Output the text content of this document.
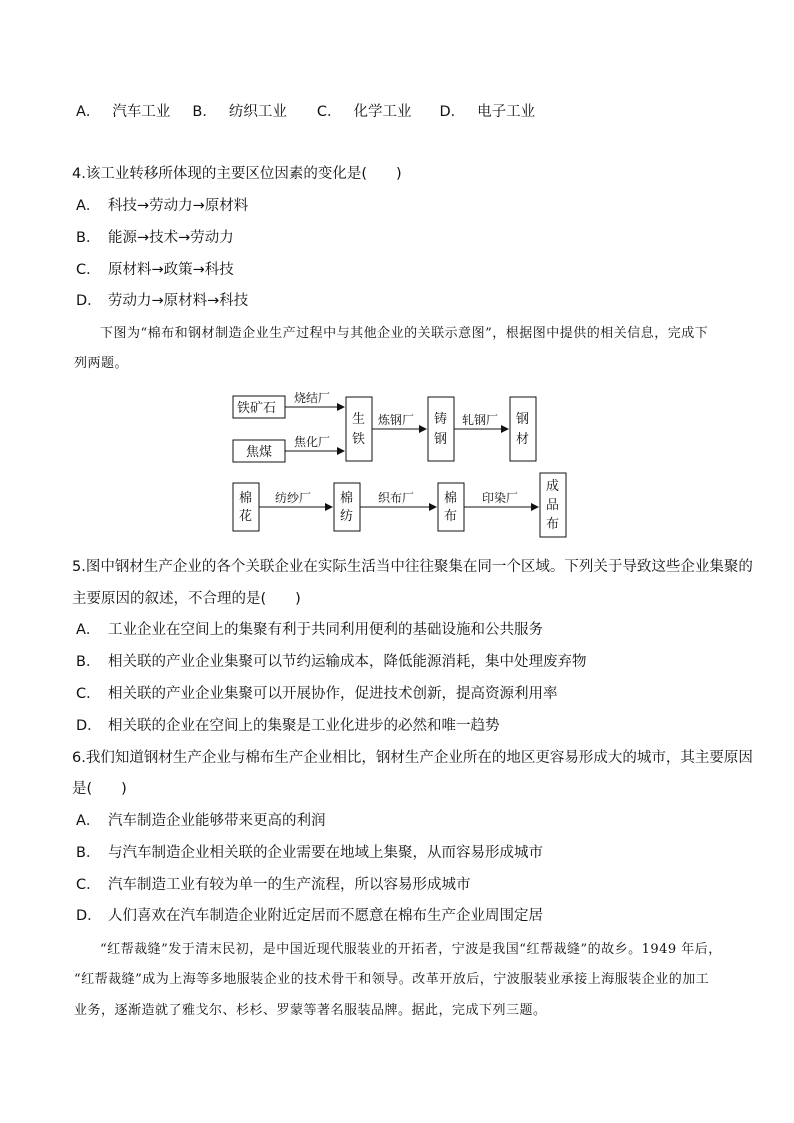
A． 汽车工业 B． 纺织工业 C． 化学工业 D． 电子工业
4.该工业转移所体现的主要区位因素的变化是(　　)
A． 科技→劳动力→原材料
B． 能源→技术→劳动力
C． 原材料→政策→科技
D． 劳动力→原材料→科技
下图为“棉布和钢材制造企业生产过程中与其他企业的关联示意图”，根据图中提供的相关信息，完成下
列两题。
铁矿石
焦煤
烧结厂
焦化厂
生
铁
炼钢厂 铸
钢
轧钢厂 钢
材
棉
花
纺纱厂 棉
纺
织布厂 棉
布
印染厂
成
品
布
5.图中钢材生产企业的各个关联企业在实际生活当中往往聚集在同一个区域。下列关于导致这些企业集聚的
主要原因的叙述，不合理的是(　　)
A． 工业企业在空间上的集聚有利于共同利用便利的基础设施和公共服务
B． 相关联的产业企业集聚可以节约运输成本，降低能源消耗，集中处理废弃物
C． 相关联的产业企业集聚可以开展协作，促进技术创新，提高资源利用率
D． 相关联的企业在空间上的集聚是工业化进步的必然和唯一趋势
6.我们知道钢材生产企业与棉布生产企业相比，钢材生产企业所在的地区更容易形成大的城市，其主要原因
是(　　)
A． 汽车制造企业能够带来更高的利润
B． 与汽车制造企业相关联的企业需要在地域上集聚，从而容易形成城市
C． 汽车制造工业有较为单一的生产流程，所以容易形成城市
D． 人们喜欢在汽车制造企业附近定居而不愿意在棉布生产企业周围定居
“红帮裁缝”发于清末民初，是中国近现代服装业的开拓者，宁波是我国“红帮裁缝”的故乡。1949 年后，
“红帮裁缝”成为上海等多地服装企业的技术骨干和领导。改革开放后，宁波服装业承接上海服装企业的加工
业务，逐渐造就了雅戈尔、杉杉、罗蒙等著名服装品牌。据此，完成下列三题。
